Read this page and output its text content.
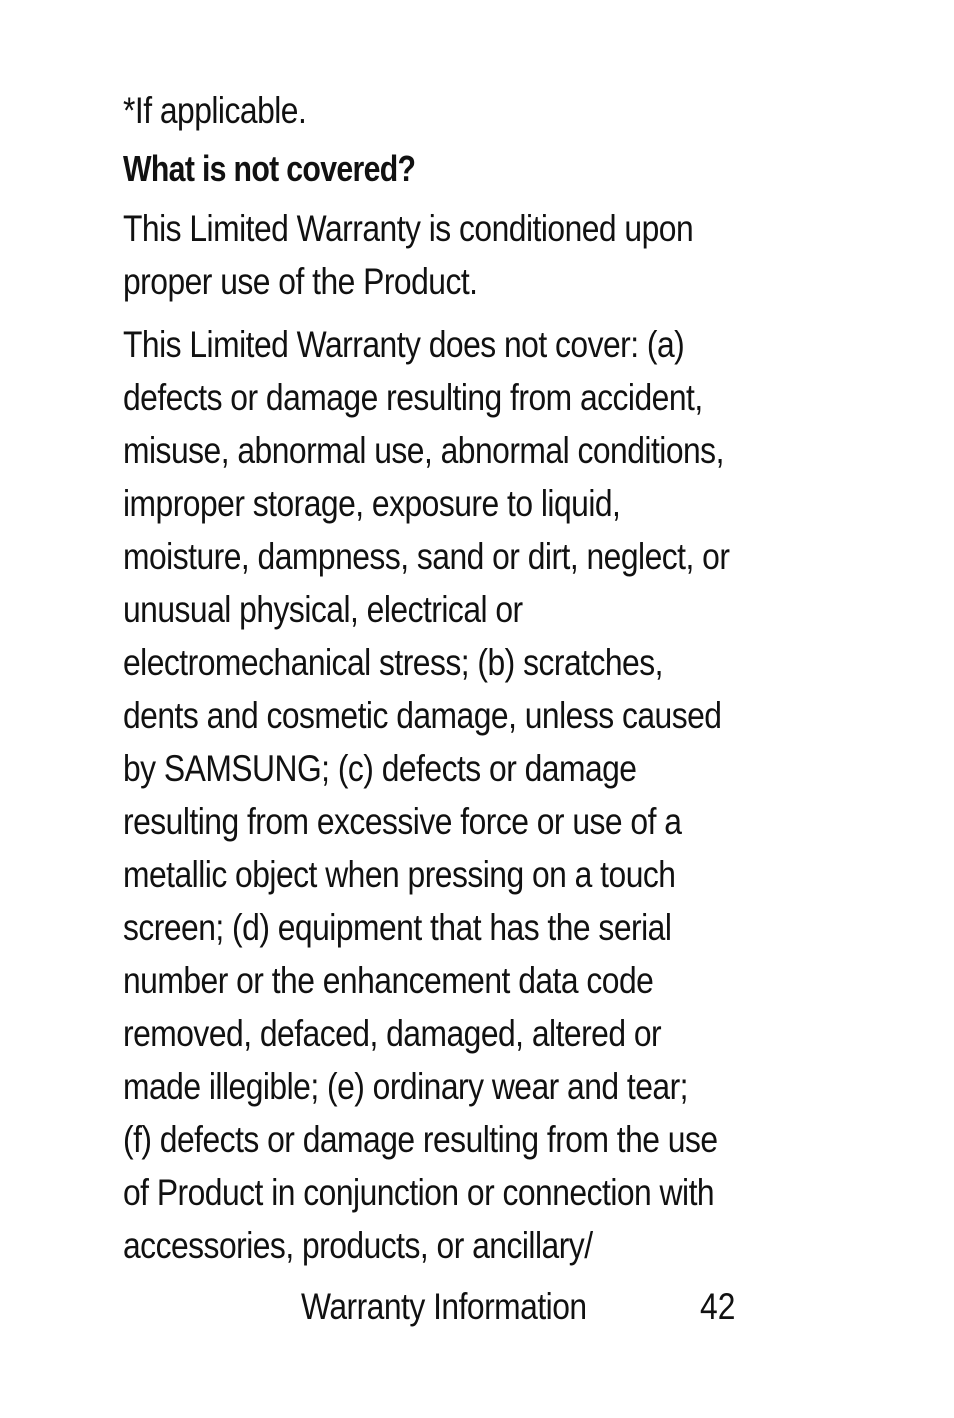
*If applicable.
What is not covered?
This Limited Warranty is conditioned upon
proper use of the Product.
This Limited Warranty does not cover: (a)
defects or damage resulting from accident,
misuse, abnormal use, abnormal conditions,
improper storage, exposure to liquid,
moisture, dampness, sand or dirt, neglect, or
unusual physical, electrical or
electromechanical stress; (b) scratches,
dents and cosmetic damage, unless caused
by SAMSUNG; (c) defects or damage
resulting from excessive force or use of a
metallic object when pressing on a touch
screen; (d) equipment that has the serial
number or the enhancement data code
removed, defaced, damaged, altered or
made illegible; (e) ordinary wear and tear;
(f) defects or damage resulting from the use
of Product in conjunction or connection with
accessories, products, or ancillary/
Warranty Information	42
